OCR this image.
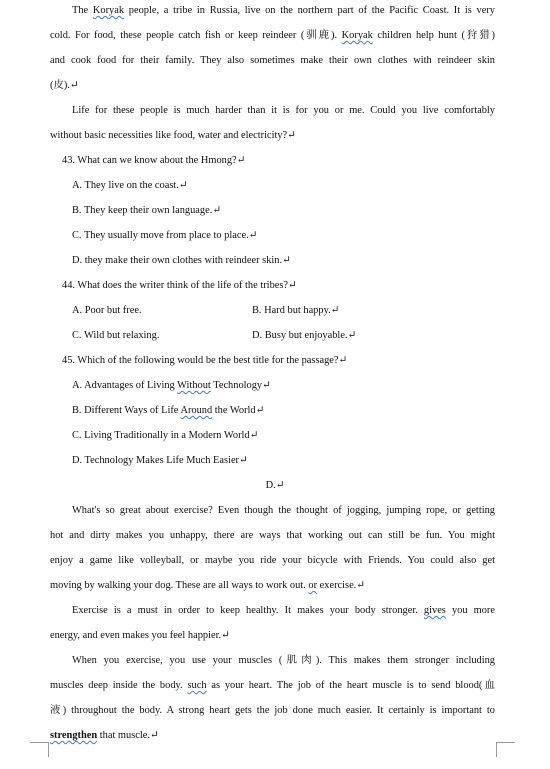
The Koryak people, a tribe in Russia, live on the northern part of the Pacific Coast. It is very
cold. For food, these people catch fish or keep reindeer (驯鹿). Koryak children help hunt (狩猎)
and cook food for their family. They also sometimes make their own clothes with reindeer skin
(皮).↵
Life for these people is much harder than it is for you or me. Could you live comfortably
without basic necessities like food, water and electricity?↵
43. What can we know about the Hmong?↵
A. They live on the coast.↵
B. They keep their own language.↵
C. They usually move from place to place.↵
D. they make their own clothes with reindeer skin.↵
44. What does the writer think of the life of the tribes?↵
A. Poor but free.	B. Hard but happy.↵
C. Wild but relaxing.	D. Busy but enjoyable.↵
45. Which of the following would be the best title for the passage?↵
A. Advantages of Living Without Technology↵
B. Different Ways of Life Around the World↵
C. Living Traditionally in a Modern World↵
D. Technology Makes Life Much Easier↵
D.↵
What's so great about exercise? Even though the thought of jogging, jumping rope, or getting
hot and dirty makes you unhappy, there are ways that working out can still be fun. You might
enjoy a game like volleyball, or maybe you ride your bicycle with Friends. You could also get
moving by walking your dog. These are all ways to work out. or exercise.↵
Exercise is a must in order to keep healthy. It makes your body stronger. gives you more
energy, and even makes you feel happier.↵
When you exercise, you use your muscles (肌肉). This makes them stronger including
muscles deep inside the body. such as your heart. The job of the heart muscle is to send blood(血
液) throughout the body. A strong heart gets the job done much easier. It certainly is important to
strengthen that muscle.↵
